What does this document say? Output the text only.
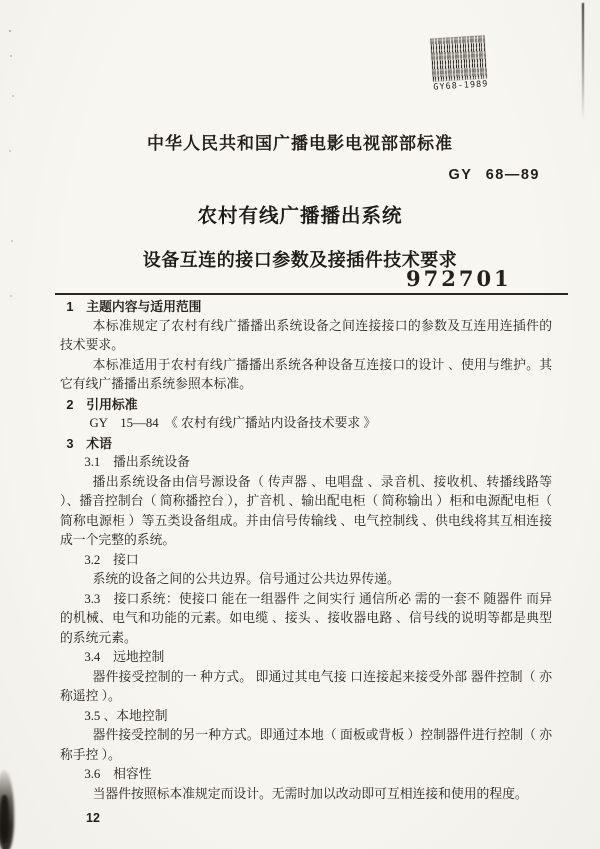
GY68-1989
中华人民共和国广播电影电视部部标准
GY 68—89
农村有线广播播出系统
设备互连的接口参数及接插件技术要求
972701
1　主题内容与适用范围
本标准规定了农村有线广播播出系统设备之间连接接口的参数及互连用连插件的技术要求。
本标准适用于农村有线广播播出系统各种设备互连接口的设计 、使用与维护。其它有线广播播出系统参照本标准。
2　引用标准
GY　15—84　《 农村有线广播站内设备技术要求 》
3　术语
3.1　播出系统设备
播出系统设备由信号源设备（ 传声器 、电唱盘 、录音机、接收机、转播线路等 ）、播音控制台（ 简称播控台 ），扩音机 、输出配电柜（ 简称输出 ）柜和电源配电柜（ 简称电源柜 ）等五类设备组成。并由信号传输线 、电气控制线 、供电线将其互相连接成一个完整的系统。
3.2　接口
系统的设备之间的公共边界。信号通过公共边界传递。
3.3　接口系统：使接口 能在一组器件 之间实行 通信所必 需的一套不 随器件 而异的机械、电气和功能的元素。如电缆 、接头 、接收器电路 、信号线的说明等都是典型的系统元素。
3.4　远地控制
器件接受控制的一 种方式。 即通过其电气接 口连接起来接受外部 器件控制（ 亦称遥控 ）。
3.5 、本地控制
器件接受控制的另一种方式。即通过本地（ 面板或背板 ）控制器件进行控制（ 亦称手控 ）。
3.6　相容性
当器件按照标本准规定而设计。无需时加以改动即可互相连接和使用的程度。
12
